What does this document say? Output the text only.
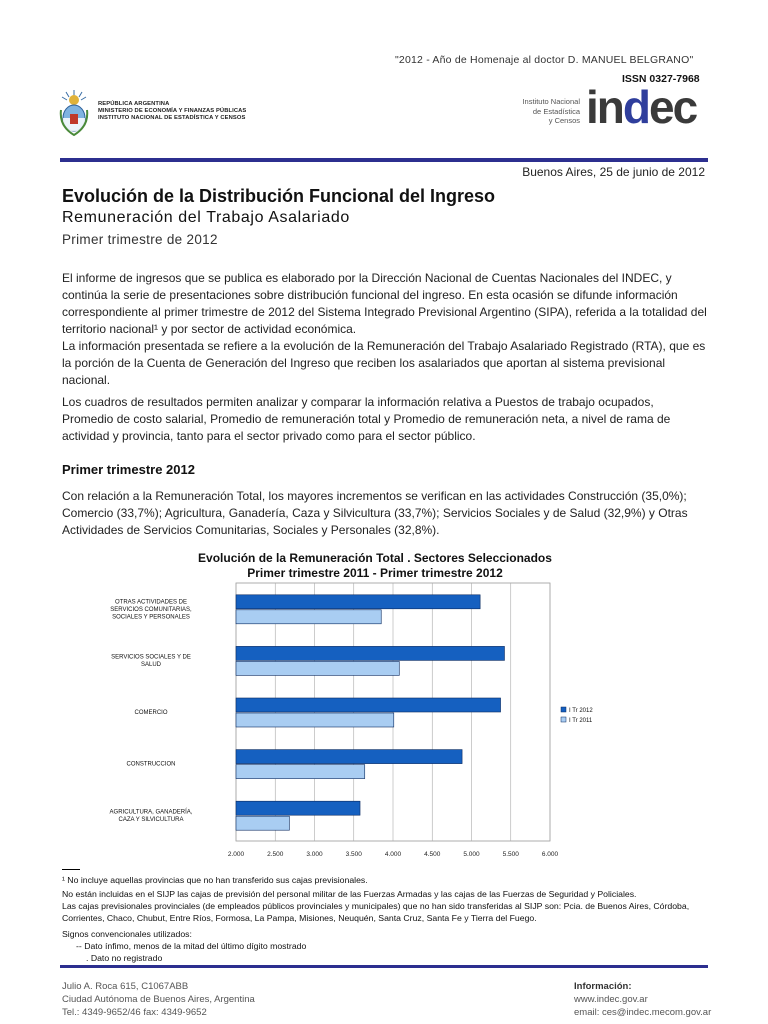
"2012 - Año de Homenaje al doctor D. MANUEL BELGRANO"
ISSN 0327-7968
REPÚBLICA ARGENTINA
MINISTERIO DE ECONOMÍA Y FINANZAS PÚBLICAS
INSTITUTO NACIONAL DE ESTADÍSTICA Y CENSOS
Instituto Nacional
de Estadística
y Censos indec
Buenos Aires, 25 de junio de 2012
Evolución de la Distribución Funcional del Ingreso
Remuneración del Trabajo Asalariado
Primer trimestre de 2012
El informe de ingresos que se publica es elaborado por la Dirección Nacional de Cuentas Nacionales del INDEC, y continúa la serie de presentaciones sobre distribución funcional del ingreso. En esta ocasión se difunde información correspondiente al primer trimestre de 2012 del Sistema Integrado Previsional Argentino (SIPA), referida a la totalidad del territorio nacional¹ y por sector de actividad económica.
La información presentada se refiere a la evolución de la Remuneración del Trabajo Asalariado Registrado (RTA), que es la porción de la Cuenta de Generación del Ingreso que reciben los asalariados que aportan al sistema previsional nacional.
Los cuadros de resultados permiten analizar y comparar la información relativa a Puestos de trabajo ocupados, Promedio de costo salarial, Promedio de remuneración total y Promedio de remuneración neta, a nivel de rama de actividad y provincia, tanto para el sector privado como para el sector público.
Primer trimestre 2012
Con relación a la Remuneración Total, los mayores incrementos se verifican en las actividades Construcción (35,0%); Comercio (33,7%); Agricultura, Ganadería, Caza y Silvicultura (33,7%); Servicios Sociales y de Salud (32,9%) y Otras Actividades de Servicios Comunitarias, Sociales y Personales (32,8%).
Evolución de la Remuneración Total . Sectores Seleccionados
Primer trimestre 2011 - Primer trimestre 2012
OTRAS ACTIVIDADES DE
SERVICIOS COMUNITARIAS,
SOCIALES Y PERSONALES
SERVICIOS SOCIALES Y DE
SALUD
COMERCIO
CONSTRUCCION
AGRICULTURA, GANADERÍA,
CAZA Y SILVICULTURA
2.000	2.500	3.000	3.500	4.000	4.500	5.000	5.500	6.000
I Tr 2012
I Tr 2011
¹ No incluye aquellas provincias que no han transferido sus cajas previsionales.
No están incluidas en el SIJP las cajas de previsión del personal militar de las Fuerzas Armadas y las cajas de las Fuerzas de Seguridad y Policiales.
Las cajas previsionales provinciales (de empleados públicos provinciales y municipales) que no han sido transferidas al SIJP son: Pcia. de Buenos Aires, Córdoba, Corrientes, Chaco, Chubut, Entre Ríos, Formosa, La Pampa, Misiones, Neuquén, Santa Cruz, Santa Fe y Tierra del Fuego.
Signos convencionales utilizados:
-- Dato ínfimo, menos de la mitad del último dígito mostrado
. Dato no registrado
Julio A. Roca 615, C1067ABB
Ciudad Autónoma de Buenos Aires, Argentina
Tel.: 4349-9652/46 fax: 4349-9652
Información:
www.indec.gov.ar
email: ces@indec.mecom.gov.ar
